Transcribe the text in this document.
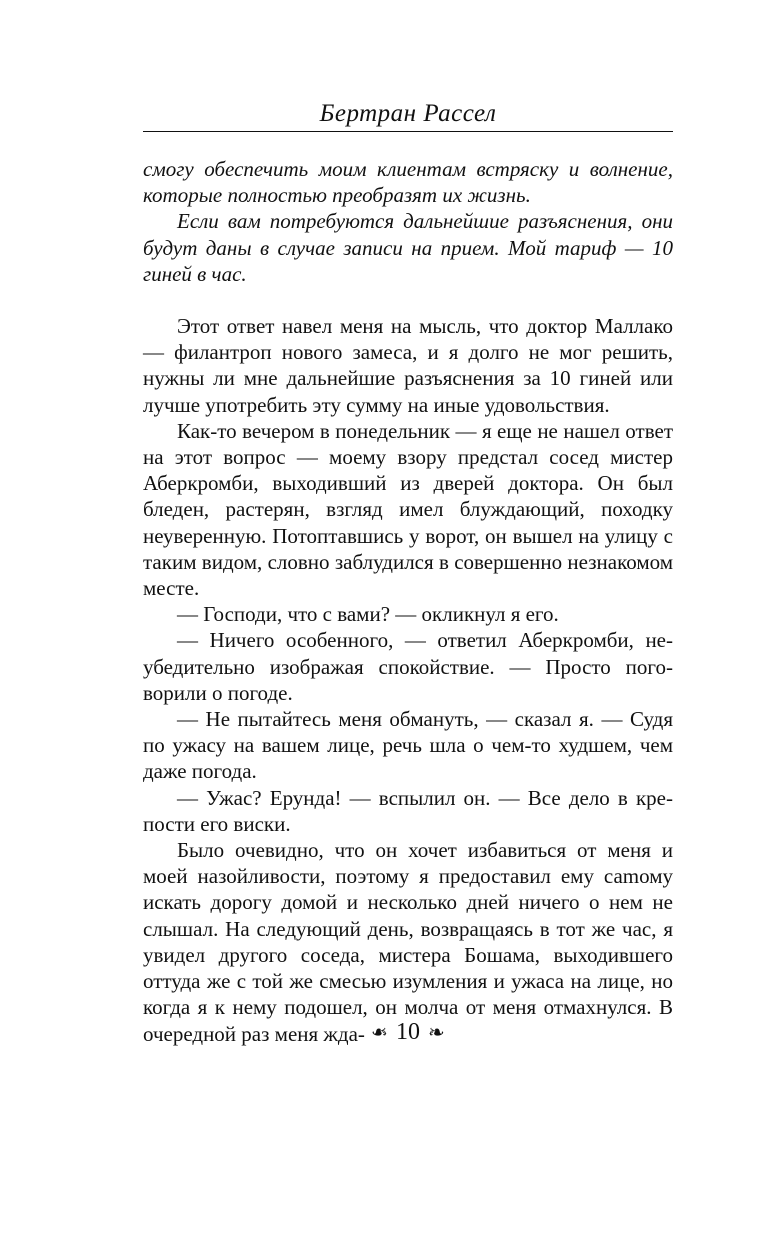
Бертран Рассел

смогу обеспечить моим клиентам встряску и волнение, которые полностью преобразят их жизнь.

Если вам потребуются дальнейшие разъяснения, они будут даны в случае записи на прием. Мой тариф — 10 гиней в час.

Этот ответ навел меня на мысль, что доктор Маллако — филантроп нового замеса, и я долго не мог решить, нужны ли мне дальнейшие разъяснения за 10 гиней или лучше употребить эту сумму на иные удовольствия.

Как-то вечером в понедельник — я еще не нашел ответ на этот вопрос — моему взору предстал сосед мистер Аберкромби, выходивший из дверей доктора. Он был бледен, растерян, взгляд имел блуждающий, походку неуверенную. Потоптавшись у ворот, он вышел на улицу с таким видом, словно заблудился в совершенно незнакомом месте.

— Господи, что с вами? — окликнул я его.

— Ничего особенного, — ответил Аберкромби, неубедительно изображая спокойствие. — Просто поговорили о погоде.

— Не пытайтесь меня обмануть, — сказал я. — Судя по ужасу на вашем лице, речь шла о чем-то худшем, чем даже погода.

— Ужас? Ерунда! — вспылил он. — Все дело в крепости его виски.

Было очевидно, что он хочет избавиться от меня и моей назойливости, поэтому я предоставил ему саmому искать дорогу домой и несколько дней ничего о нем не слышал. На следующий день, возвращаясь в тот же час, я увидел другого соседа, мистера Бошама, выходившего оттуда же с той же смесью изумления и ужаса на лице, но когда я к нему подошел, он молча от меня отмахнулся. В очередной раз меня жда- ❧ 10 ❧
